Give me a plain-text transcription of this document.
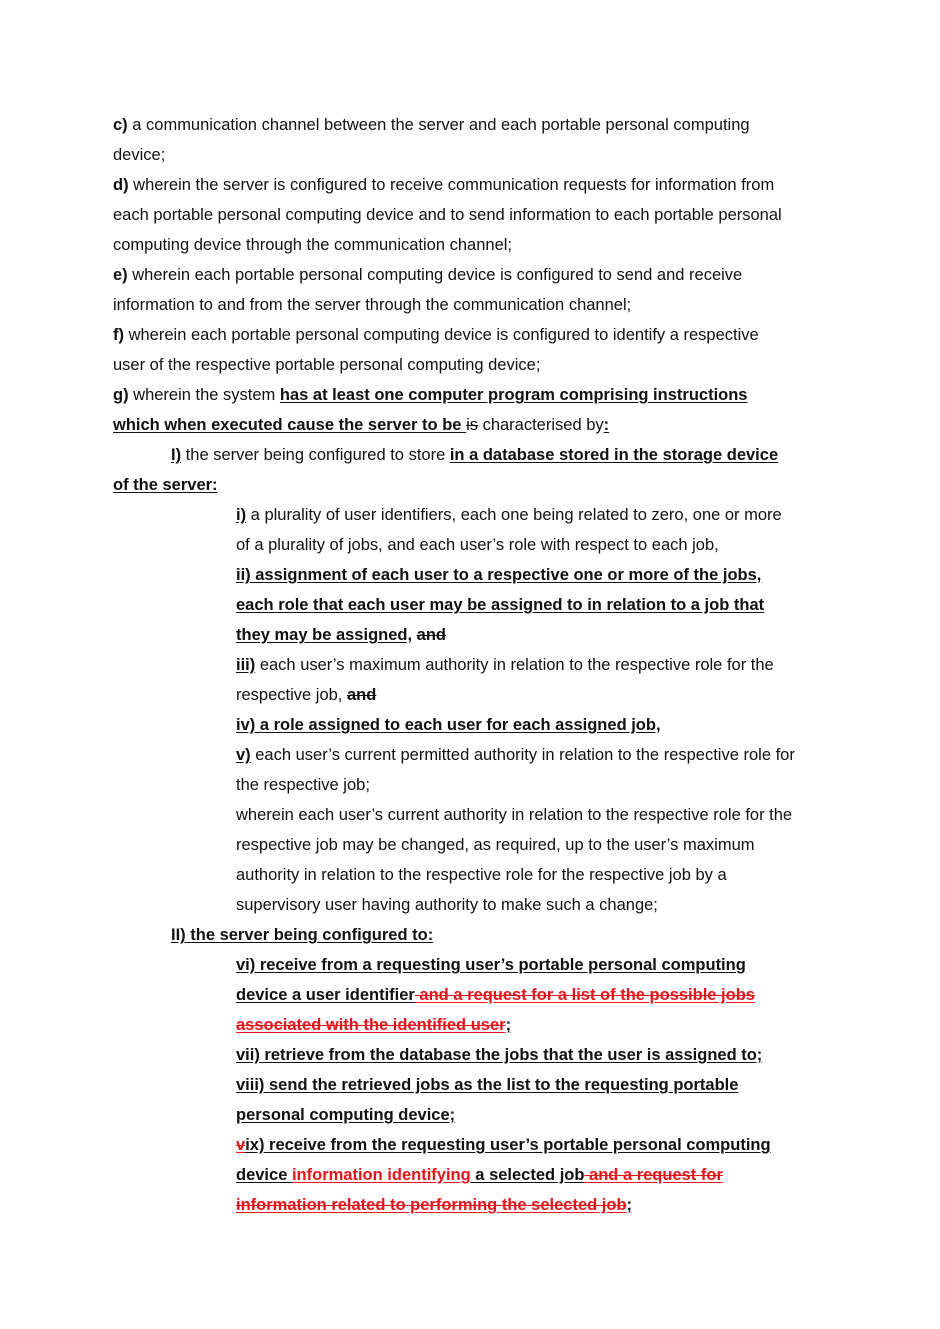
c) a communication channel between the server and each portable personal computing
device;
d) wherein the server is configured to receive communication requests for information from
each portable personal computing device and to send information to each portable personal
computing device through the communication channel;
e) wherein each portable personal computing device is configured to send and receive
information to and from the server through the communication channel;
f) wherein each portable personal computing device is configured to identify a respective
user of the respective portable personal computing device;
g) wherein the system has at least one computer program comprising instructions
which when executed cause the server to be is characterised by:
I) the server being configured to store in a database stored in the storage device
of the server:
i) a plurality of user identifiers, each one being related to zero, one or more
of a plurality of jobs, and each user’s role with respect to each job,
ii) assignment of each user to a respective one or more of the jobs,
each role that each user may be assigned to in relation to a job that
they may be assigned, and
iii) each user’s maximum authority in relation to the respective role for the
respective job, and
iv) a role assigned to each user for each assigned job,
v) each user’s current permitted authority in relation to the respective role for
the respective job;
wherein each user’s current authority in relation to the respective role for the
respective job may be changed, as required, up to the user’s maximum
authority in relation to the respective role for the respective job by a
supervisory user having authority to make such a change;
II) the server being configured to:
vi) receive from a requesting user’s portable personal computing
device a user identifier and a request for a list of the possible jobs
associated with the identified user;
vii) retrieve from the database the jobs that the user is assigned to;
viii) send the retrieved jobs as the list to the requesting portable
personal computing device;
vix) receive from the requesting user’s portable personal computing
device information identifying a selected job and a request for
information related to performing the selected job;
